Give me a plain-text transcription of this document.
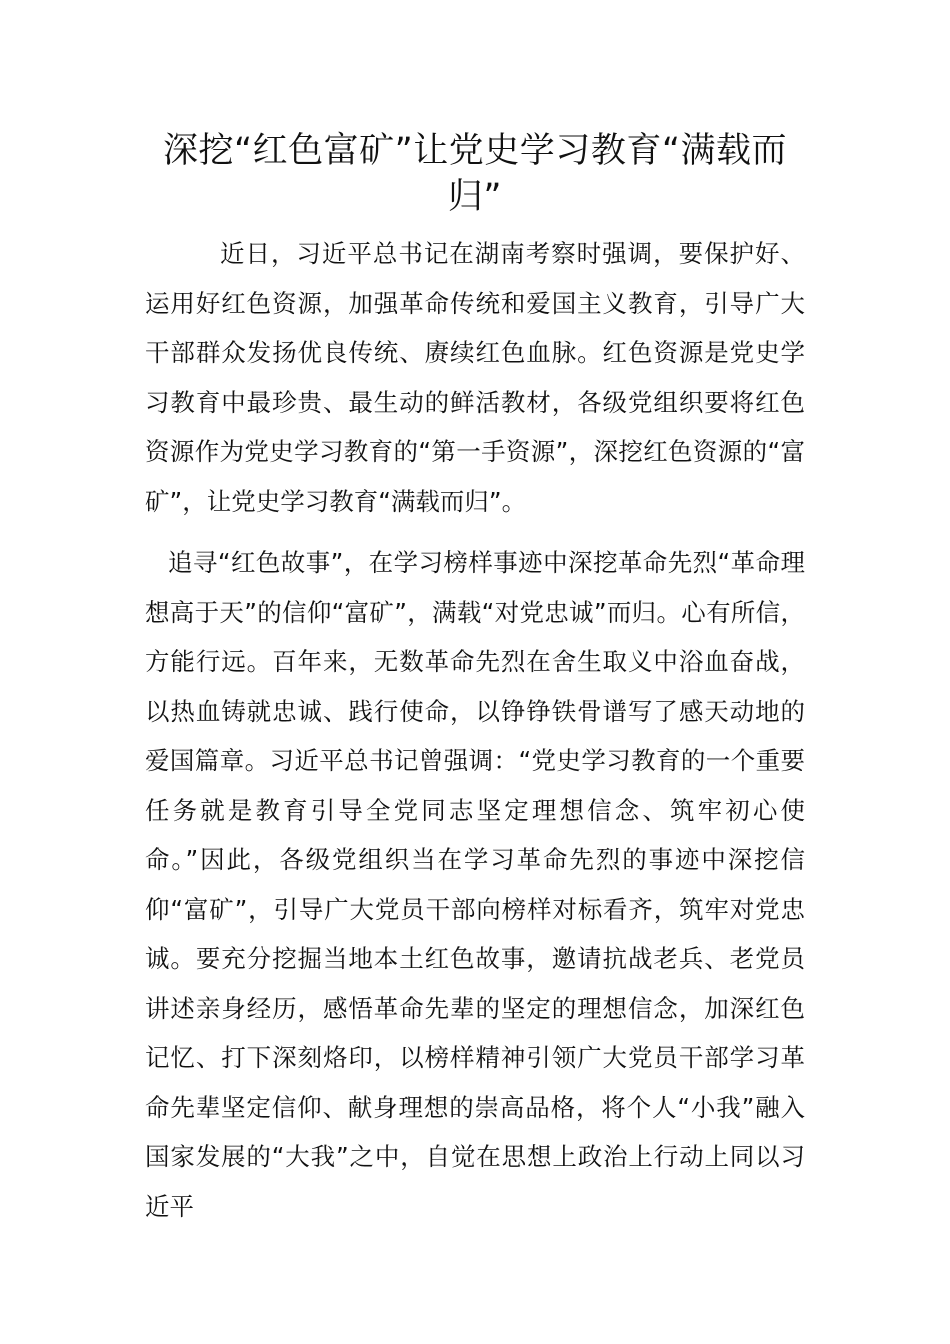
深挖“红色富矿”让党史学习教育“满载而归”

近日，习近平总书记在湖南考察时强调，要保护好、运用好红色资源，加强革命传统和爱国主义教育，引导广大干部群众发扬优良传统、赓续红色血脉。红色资源是党史学习教育中最珍贵、最生动的鲜活教材，各级党组织要将红色资源作为党史学习教育的“第一手资源”，深挖红色资源的“富矿”，让党史学习教育“满载而归”。

追寻“红色故事”，在学习榜样事迹中深挖革命先烈“革命理想高于天”的信仰“富矿”，满载“对党忠诚”而归。心有所信，方能行远。百年来，无数革命先烈在舍生取义中浴血奋战，以热血铸就忠诚、践行使命，以铮铮铁骨谱写了感天动地的爱国篇章。习近平总书记曾强调：“党史学习教育的一个重要任务就是教育引导全党同志坚定理想信念、筑牢初心使命。”因此，各级党组织当在学习革命先烈的事迹中深挖信仰“富矿”，引导广大党员干部向榜样对标看齐，筑牢对党忠诚。要充分挖掘当地本土红色故事，邀请抗战老兵、老党员讲述亲身经历，感悟革命先辈的坚定的理想信念，加深红色记忆、打下深刻烙印，以榜样精神引领广大党员干部学习革命先辈坚定信仰、献身理想的崇高品格，将个人“小我”融入国家发展的“大我”之中，自觉在思想上政治上行动上同以习近平
